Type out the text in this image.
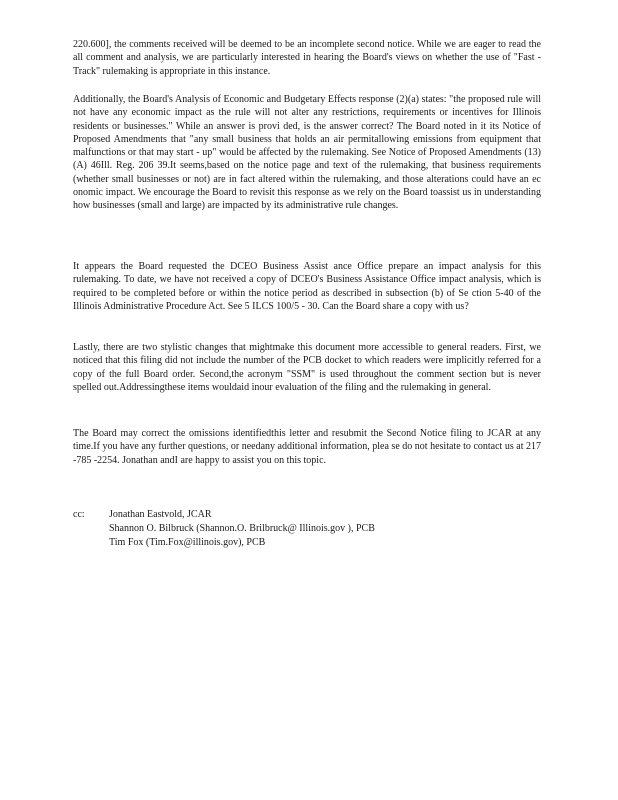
220.600], the comments received will be deemed to be an incomplete second notice. While we are eager to read the all comment and analysis, we are particularly interested in hearing the Board's views on whether the use of "Fast -Track" rulemaking is appropriate in this instance.

Additionally, the Board's Analysis of Economic and Budgetary Effects response (2)(a) states: "the proposed rule will not have any economic impact as the rule will not alter any restrictions, requirements or incentives for Illinois residents or businesses." While an answer is provi ded, is the answer correct? The Board noted in it its Notice of Proposed Amendments that "any small business that holds an air permitallowing emissions from equipment that malfunctions or that may start - up" would be affected by the rulemaking. See Notice of Proposed Amendments (13)(A) 46Ill. Reg. 206 39.It seems,based on the notice page and text of the rulemaking, that business requirements (whether small businesses or not) are in fact altered within the rulemaking, and those alterations could have an ec onomic impact. We encourage the Board to revisit this response as we rely on the Board toassist us in understanding how businesses (small and large) are impacted by its administrative rule changes.

It appears the Board requested the DCEO Business Assist ance Office prepare an impact analysis for this rulemaking. To date, we have not received a copy of DCEO's Business Assistance Office impact analysis, which is required to be completed before or within the notice period as described in subsection (b) of Se ction 5-40 of the Illinois Administrative Procedure Act. See 5 ILCS 100/5 - 30. Can the Board share a copy with us?

Lastly, there are two stylistic changes that mightmake this document more accessible to general readers. First, we noticed that this filing did not include the number of the PCB docket to which readers were implicitly referred for a copy of the full Board order. Second,the acronym "SSM" is used throughout the comment section but is never spelled out.Addressingthese items wouldaid inour evaluation of the filing and the rulemaking in general.

The Board may correct the omissions identifiedthis letter and resubmit the Second Notice filing to JCAR at any time.If you have any further questions, or needany additional information, plea se do not hesitate to contact us at 217 -785 -2254. Jonathan andI are happy to assist you on this topic.

cc: Jonathan Eastvold, JCAR
Shannon O. Bilbruck (Shannon.O. Brilbruck@ Illinois.gov ), PCB
Tim Fox (Tim.Fox@illinois.gov), PCB
